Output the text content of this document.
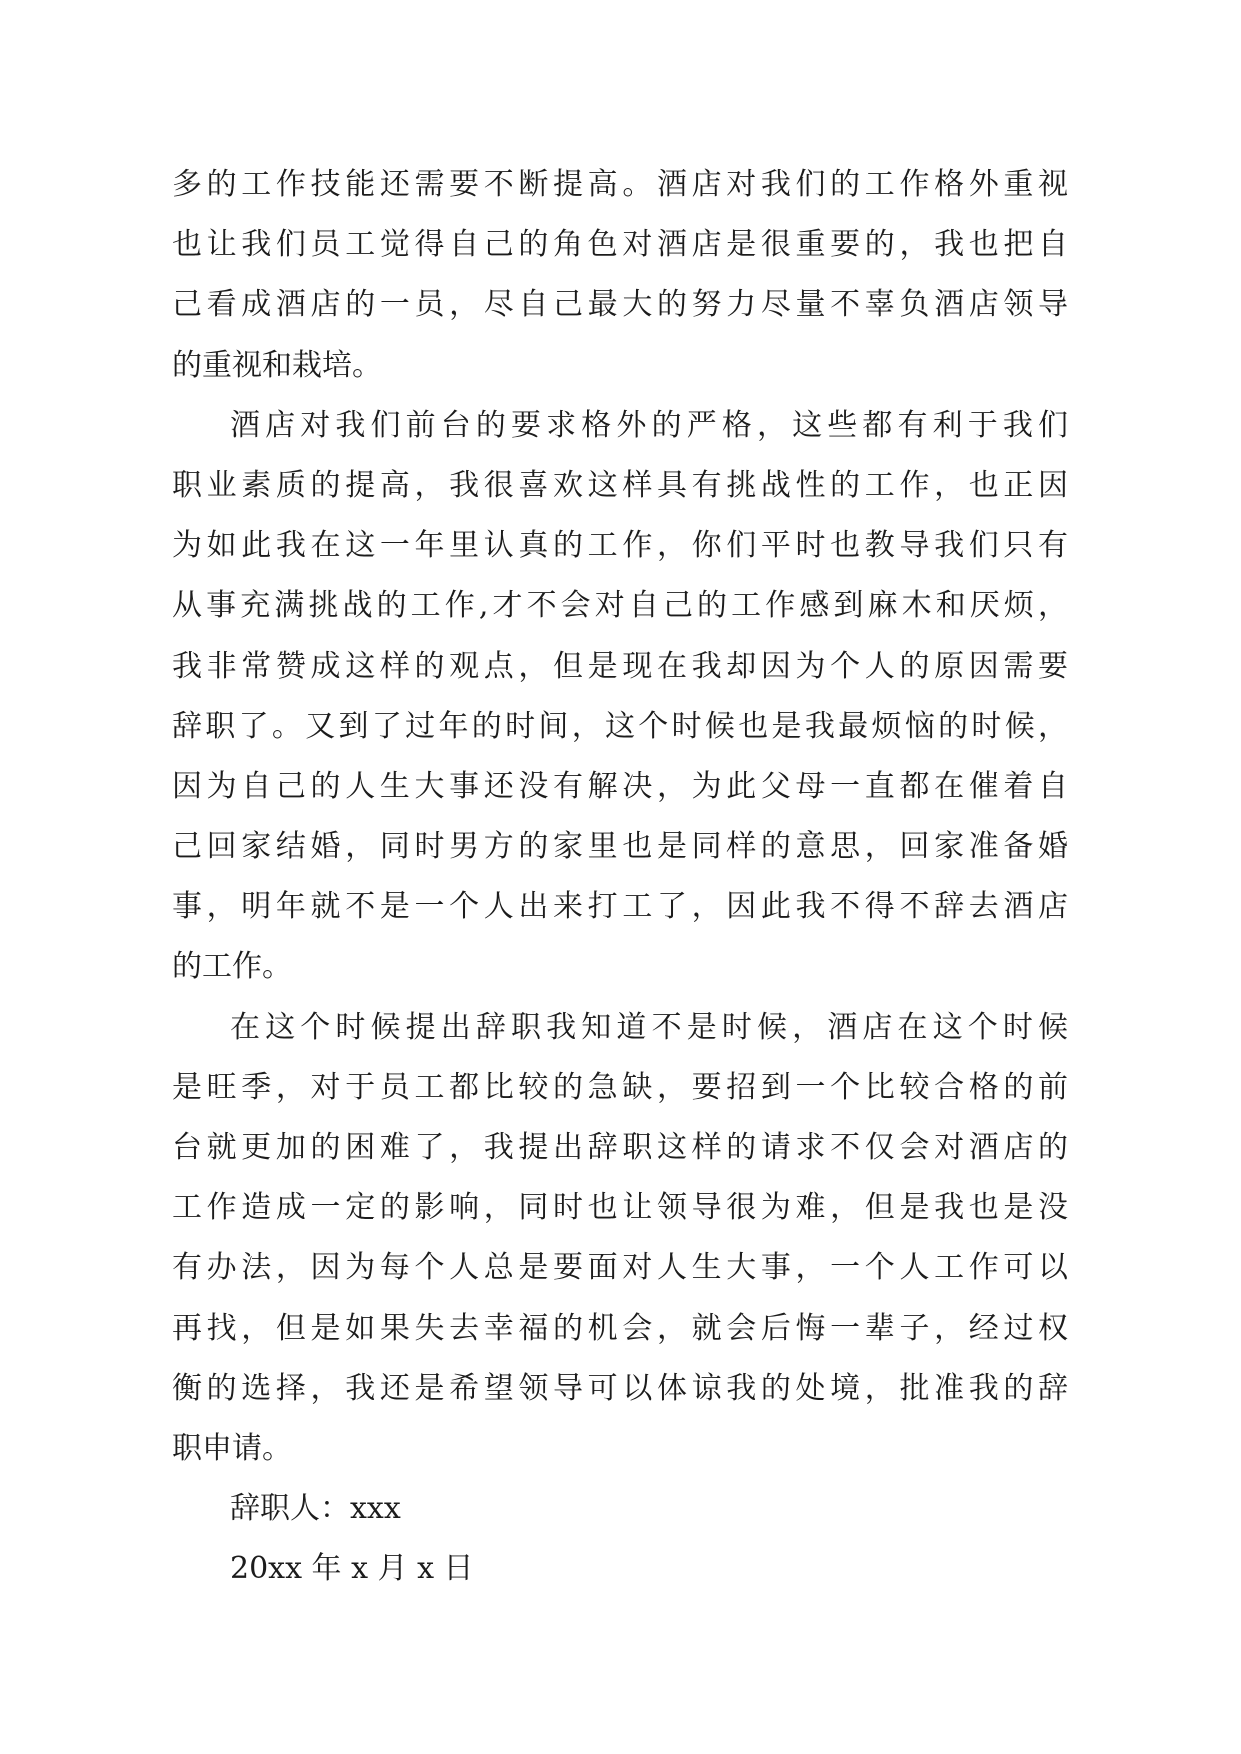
多的工作技能还需要不断提高。酒店对我们的工作格外重视
也让我们员工觉得自己的角色对酒店是很重要的，我也把自
己看成酒店的一员，尽自己最大的努力尽量不辜负酒店领导
的重视和栽培。
酒店对我们前台的要求格外的严格，这些都有利于我们
职业素质的提高，我很喜欢这样具有挑战性的工作，也正因
为如此我在这一年里认真的工作，你们平时也教导我们只有
从事充满挑战的工作,才不会对自己的工作感到麻木和厌烦，
我非常赞成这样的观点，但是现在我却因为个人的原因需要
辞职了。又到了过年的时间，这个时候也是我最烦恼的时候，
因为自己的人生大事还没有解决，为此父母一直都在催着自
己回家结婚，同时男方的家里也是同样的意思，回家准备婚
事，明年就不是一个人出来打工了，因此我不得不辞去酒店
的工作。
在这个时候提出辞职我知道不是时候，酒店在这个时候
是旺季，对于员工都比较的急缺，要招到一个比较合格的前
台就更加的困难了，我提出辞职这样的请求不仅会对酒店的
工作造成一定的影响，同时也让领导很为难，但是我也是没
有办法，因为每个人总是要面对人生大事，一个人工作可以
再找，但是如果失去幸福的机会，就会后悔一辈子，经过权
衡的选择，我还是希望领导可以体谅我的处境，批准我的辞
职申请。
辞职人：xxx
20xx 年 x 月 x 日
